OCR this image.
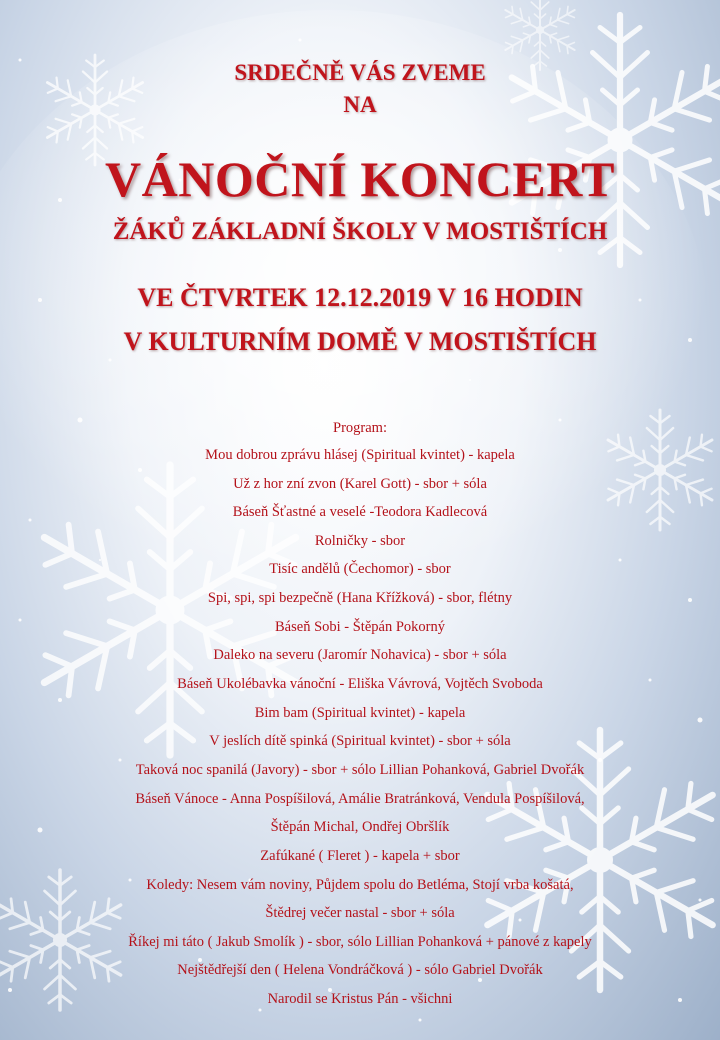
SRDEČNĚ VÁS ZVEME
NA
VÁNOČNÍ KONCERT
ŽÁKŮ ZÁKLADNÍ ŠKOLY V MOSTIŠTÍCH
VE ČTVRTEK 12.12.2019 V 16 HODIN
V KULTURNÍM DOMĚ V MOSTIŠTÍCH
Program:
Mou dobrou zprávu hlásej (Spiritual kvintet) - kapela
Už z hor zní zvon (Karel Gott) - sbor + sóla
Báseň Šťastné a veselé -Teodora Kadlecová
Rolničky - sbor
Tisíc andělů (Čechomor) - sbor
Spi, spi, spi bezpečně (Hana Křížková) - sbor, flétny
Báseň Sobi - Štěpán Pokorný
Daleko na severu (Jaromír Nohavica) - sbor + sóla
Báseň Ukolébavka vánoční - Eliška Vávrová, Vojtěch Svoboda
Bim bam (Spiritual kvintet) - kapela
V jeslích dítě spinká (Spiritual kvintet) - sbor + sóla
Taková noc spanilá (Javory) - sbor + sólo Lillian Pohanková, Gabriel Dvořák
Báseň Vánoce - Anna Pospíšilová, Amálie Bratránková, Vendula Pospíšilová,
Štěpán Michal, Ondřej Obršlík
Zafúkané ( Fleret ) - kapela + sbor
Koledy: Nesem vám noviny, Půjdem spolu do Betléma, Stojí vrba košatá,
Štědrej večer nastal - sbor + sóla
Říkej mi táto ( Jakub Smolík ) - sbor, sólo Lillian Pohanková + pánové z kapely
Nejštědřejší den ( Helena Vondráčková ) - sólo Gabriel Dvořák
Narodil se Kristus Pán - všichni
